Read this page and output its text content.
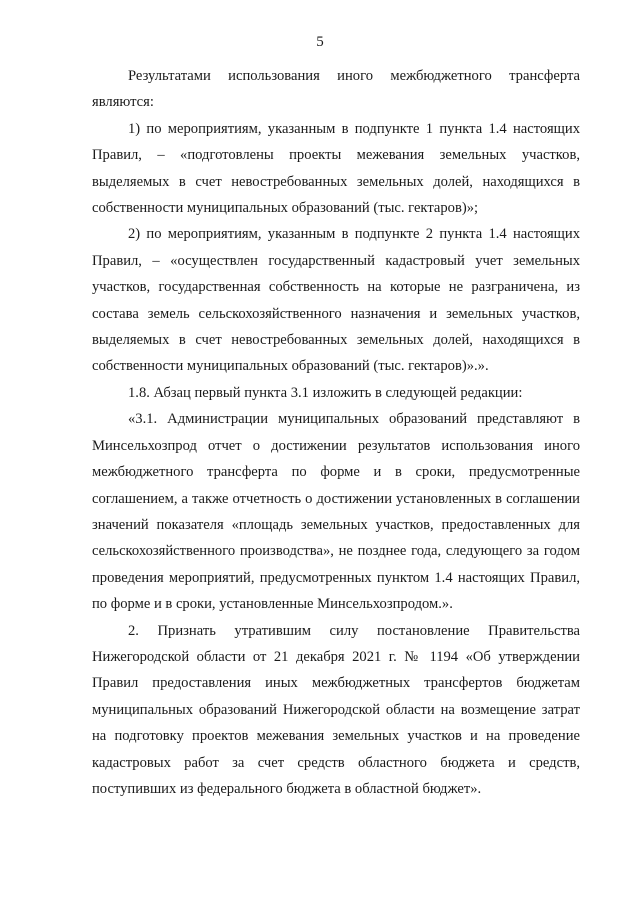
5

Результатами использования иного межбюджетного трансферта являются:

1) по мероприятиям, указанным в подпункте 1 пункта 1.4 настоящих Правил, – «подготовлены проекты межевания земельных участков, выделяемых в счет невостребованных земельных долей, находящихся в собственности муниципальных образований (тыс. гектаров)»;

2) по мероприятиям, указанным в подпункте 2 пункта 1.4 настоящих Правил, – «осуществлен государственный кадастровый учет земельных участков, государственная собственность на которые не разграничена, из состава земель сельскохозяйственного назначения и земельных участков, выделяемых в счет невостребованных земельных долей, находящихся в собственности муниципальных образований (тыс. гектаров)».».

1.8. Абзац первый пункта 3.1 изложить в следующей редакции:

«3.1. Администрации муниципальных образований представляют в Минсельхозпрод отчет о достижении результатов использования иного межбюджетного трансферта по форме и в сроки, предусмотренные соглашением, а также отчетность о достижении установленных в соглашении значений показателя «площадь земельных участков, предоставленных для сельскохозяйственного производства», не позднее года, следующего за годом проведения мероприятий, предусмотренных пунктом 1.4 настоящих Правил, по форме и в сроки, установленные Минсельхозпродом.».

2. Признать утратившим силу постановление Правительства Нижегородской области от 21 декабря 2021 г. № 1194 «Об утверждении Правил предоставления иных межбюджетных трансфертов бюджетам муниципальных образований Нижегородской области на возмещение затрат на подготовку проектов межевания земельных участков и на проведение кадастровых работ за счет средств областного бюджета и средств, поступивших из федерального бюджета в областной бюджет».
